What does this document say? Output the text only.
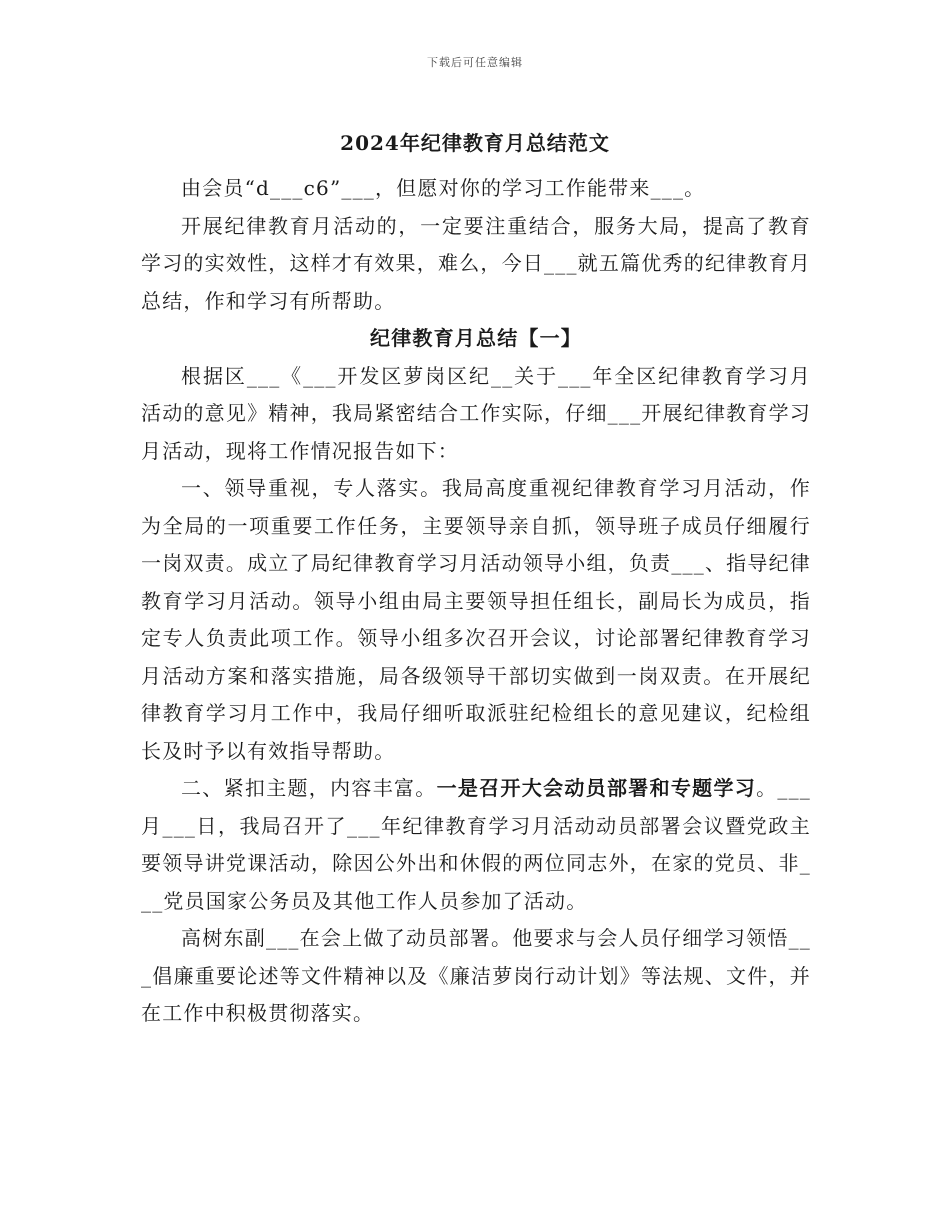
下载后可任意编辑
2024年纪律教育月总结范文

由会员“d___c6”___，但愿对你的学习工作能带来___。

开展纪律教育月活动的，一定要注重结合，服务大局，提高了教育学习的实效性，这样才有效果，难么，今日___就五篇优秀的纪律教育月总结，作和学习有所帮助。

纪律教育月总结【一】

根据区___《___开发区萝岗区纪__关于___年全区纪律教育学习月活动的意见》精神，我局紧密结合工作实际，仔细___开展纪律教育学习月活动，现将工作情况报告如下：

一、领导重视，专人落实。我局高度重视纪律教育学习月活动，作为全局的一项重要工作任务，主要领导亲自抓，领导班子成员仔细履行一岗双责。成立了局纪律教育学习月活动领导小组，负责___、指导纪律教育学习月活动。领导小组由局主要领导担任组长，副局长为成员，指定专人负责此项工作。领导小组多次召开会议，讨论部署纪律教育学习月活动方案和落实措施，局各级领导干部切实做到一岗双责。在开展纪律教育学习月工作中，我局仔细听取派驻纪检组长的意见建议，纪检组长及时予以有效指导帮助。

二、紧扣主题，内容丰富。一是召开大会动员部署和专题学习。___月___日，我局召开了___年纪律教育学习月活动动员部署会议暨党政主要领导讲党课活动，除因公外出和休假的两位同志外，在家的党员、非___党员国家公务员及其他工作人员参加了活动。

高树东副___在会上做了动员部署。他要求与会人员仔细学习领悟___倡廉重要论述等文件精神以及《廉洁萝岗行动计划》等法规、文件，并在工作中积极贯彻落实。
